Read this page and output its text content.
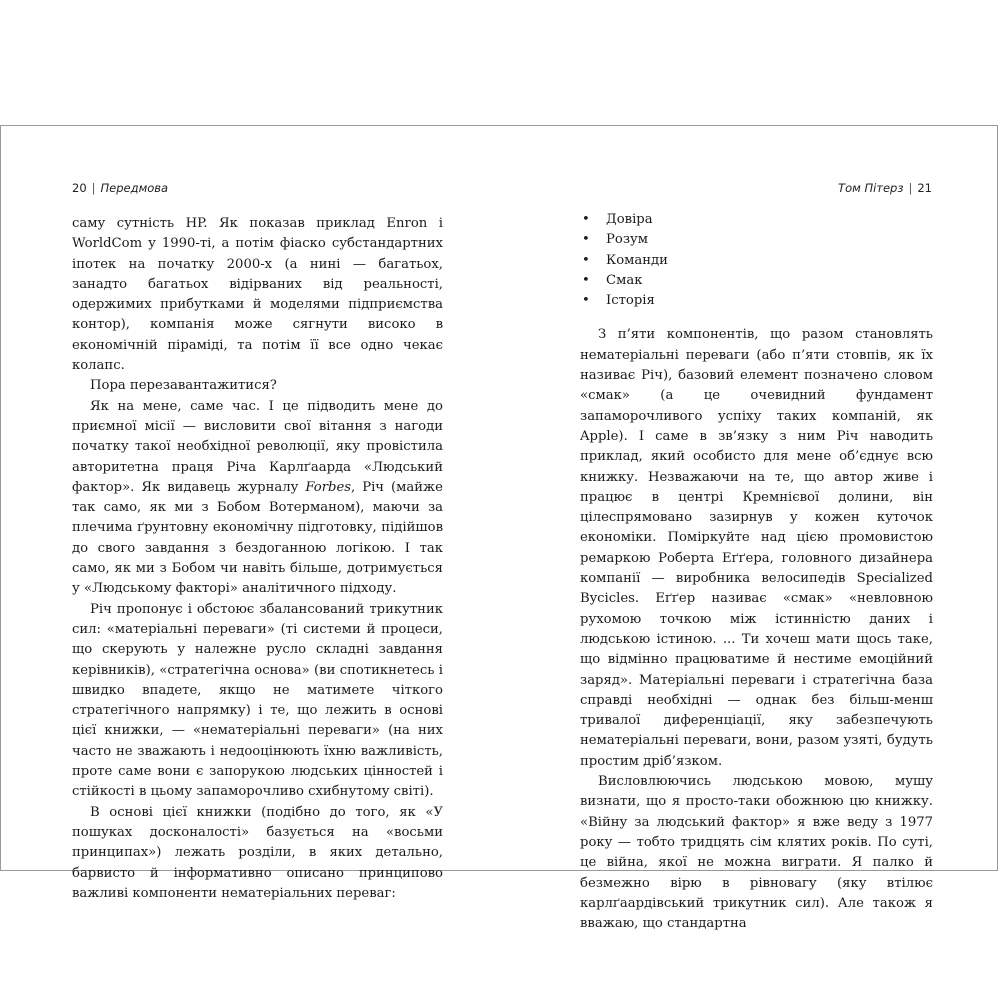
20 | Передмова

саму сутність HP. Як показав приклад Enron і WorldCom у 1990-ті, а потім фіаско субстандартних іпотек на початку 2000-х (а нині — багатьох, занадто багатьох відірваних від реальності, одержимих прибутками й моделями підприємства контор), компанія може сягнути високо в економічній піраміді, та потім її все одно чекає колапс.

Пора перезавантажитися?

Як на мене, саме час. І це підводить мене до приємної місії — висловити свої вітання з нагоди початку такої необхідної революції, яку провістила авторитетна праця Річа Карлґаарда «Людський фактор». Як видавець журналу Forbes, Річ (майже так само, як ми з Бобом Вотерманом), маючи за плечима ґрунтовну економічну підготовку, підійшов до свого завдання з бездоганною логікою. І так само, як ми з Бобом чи навіть більше, дотримується у «Людському факторі» аналітичного підходу.

Річ пропонує і обстоює збалансований трикутник сил: «матеріальні переваги» (ті системи й процеси, що скерують у належне русло складні завдання керівників), «стратегічна основа» (ви спотикнетесь і швидко впадете, якщо не матимете чіткого стратегічного напрямку) і те, що лежить в основі цієї книжки, — «нематеріальні переваги» (на них часто не зважають і недооцінюють їхню важливість, проте саме вони є запорукою людських цінностей і стійкості в цьому запаморочливо схибнутому світі).

В основі цієї книжки (подібно до того, як «У пошуках досконалості» базується на «восьми принципах») лежать розділи, в яких детально, барвисто й інформативно описано принципово важливі компоненти нематеріальних переваг:

Том Пітерз | 21
• Довіра
• Розум
• Команди
• Смак
• Історія

З п’яти компонентів, що разом становлять нематеріальні переваги (або п’яти стовпів, як їх називає Річ), базовий елемент позначено словом «смак» (а це очевидний фундамент запаморочливого успіху таких компаній, як Apple). І саме в зв’язку з ним Річ наводить приклад, який особисто для мене об’єднує всю книжку. Незважаючи на те, що автор живе і працює в центрі Кремнієвої долини, він цілеспрямовано зазирнув у кожен куточок економіки. Поміркуйте над цією промовистою ремаркою Роберта Еґґера, головного дизайнера компанії — виробника велосипедів Specialized Bycicles. Еґґер називає «смак» «невловною рухомою точкою між істинністю даних і людською істиною. ... Ти хочеш мати щось таке, що відмінно працюватиме й нестиме емоційний заряд». Матеріальні переваги і стратегічна база справді необхідні — однак без більш-менш тривалої диференціації, яку забезпечують нематеріальні переваги, вони, разом узяті, будуть простим дріб’язком.

Висловлюючись людською мовою, мушу визнати, що я просто-таки обожнюю цю книжку. «Війну за людський фактор» я вже веду з 1977 року — тобто тридцять сім клятих років. По суті, це війна, якої не можна виграти. Я палко й безмежно вірю в рівновагу (яку втілює карлґаардівський трикутник сил). Але також я вважаю, що стандартна
